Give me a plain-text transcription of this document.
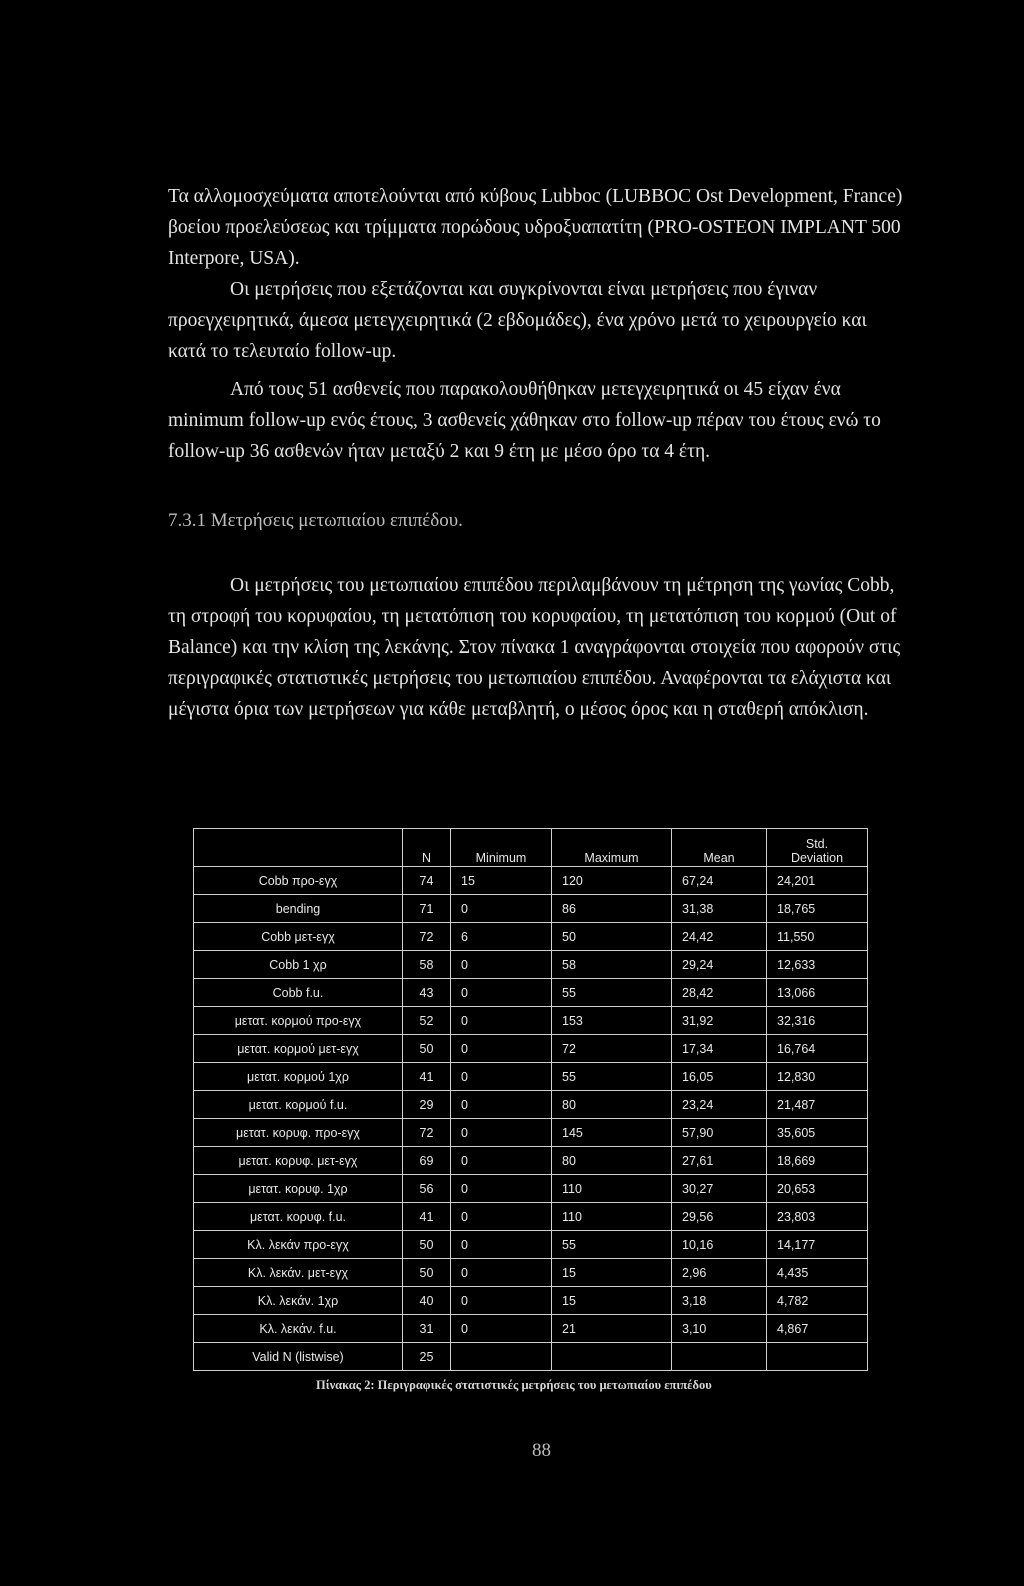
Τα αλλομοσχεύματα αποτελούνται από κύβους Lubboc (LUBBOC Ost Development, France) βοείου προελεύσεως και τρίμματα πορώδους υδροξυαπατίτη (PRO-OSTEON IMPLANT 500 Interpore, USA).

Οι μετρήσεις που εξετάζονται και συγκρίνονται είναι μετρήσεις που έγιναν προεγχειρητικά, άμεσα μετεγχειρητικά (2 εβδομάδες), ένα χρόνο μετά το χειρουργείο και κατά το τελευταίο follow-up.

Από τους 51 ασθενείς που παρακολουθήθηκαν μετεγχειρητικά οι 45 είχαν ένα minimum follow-up ενός έτους, 3 ασθενείς χάθηκαν στο follow-up πέραν του έτους ενώ το follow-up 36 ασθενών ήταν μεταξύ 2 και 9 έτη με μέσο όρο τα 4 έτη.

7.3.1 Μετρήσεις μετωπιαίου επιπέδου.

Οι μετρήσεις του μετωπιαίου επιπέδου περιλαμβάνουν τη μέτρηση της γωνίας Cobb, τη στροφή του κορυφαίου, τη μετατόπιση του κορυφαίου, τη μετατόπιση του κορμού (Out of Balance) και την κλίση της λεκάνης. Στον πίνακα 1 αναγράφονται στοιχεία που αφορούν στις περιγραφικές στατιστικές μετρήσεις του μετωπιαίου επιπέδου. Αναφέρονται τα ελάχιστα και μέγιστα όρια των μετρήσεων για κάθε μεταβλητή, ο μέσος όρος και η σταθερή απόκλιση.

	N	Minimum	Maximum	Mean	Std.
Deviation
Cobb προ-εγχ	74	15	120	67,24	24,201
bending	71	0	86	31,38	18,765
Cobb μετ-εγχ	72	6	50	24,42	11,550
Cobb 1 χρ	58	0	58	29,24	12,633
Cobb f.u.	43	0	55	28,42	13,066
μετατ. κορμού προ-εγχ	52	0	153	31,92	32,316
μετατ. κορμού μετ-εγχ	50	0	72	17,34	16,764
μετατ. κορμού 1χρ	41	0	55	16,05	12,830
μετατ. κορμού f.u.	29	0	80	23,24	21,487
μετατ. κορυφ. προ-εγχ	72	0	145	57,90	35,605
μετατ. κορυφ. μετ-εγχ	69	0	80	27,61	18,669
μετατ. κορυφ. 1χρ	56	0	110	30,27	20,653
μετατ. κορυφ. f.u.	41	0	110	29,56	23,803
Κλ. λεκάν προ-εγχ	50	0	55	10,16	14,177
Κλ. λεκάν. μετ-εγχ	50	0	15	2,96	4,435
Κλ. λεκάν. 1χρ	40	0	15	3,18	4,782
Κλ. λεκάν. f.u.	31	0	21	3,10	4,867
Valid N (listwise)	25				

Πίνακας 2: Περιγραφικές στατιστικές μετρήσεις του μετωπιαίου επιπέδου

88
